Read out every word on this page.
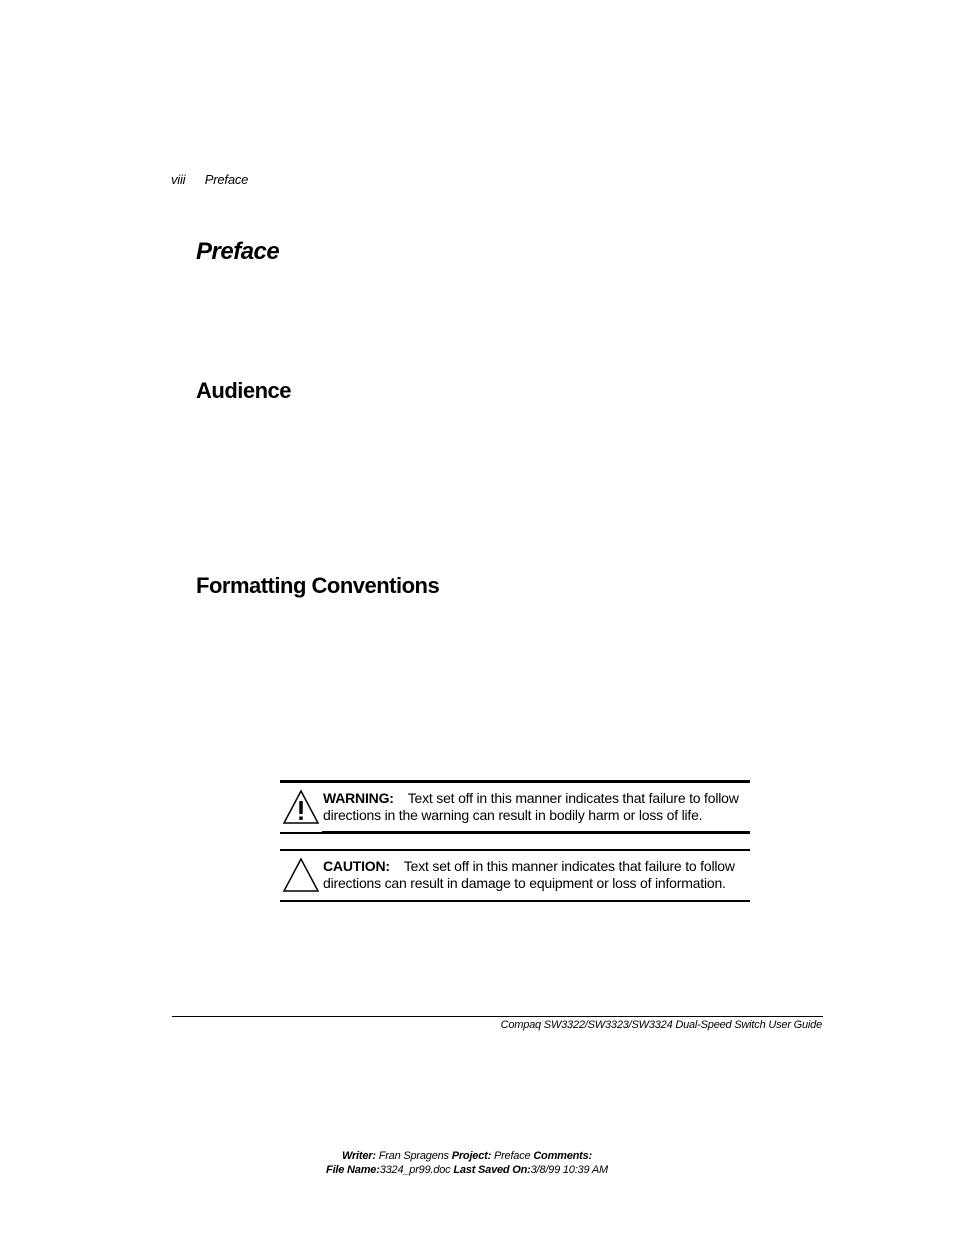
viii Preface
Preface
Audience
Formatting Conventions
WARNING: Text set off in this manner indicates that failure to follow directions in the warning can result in bodily harm or loss of life.
CAUTION: Text set off in this manner indicates that failure to follow directions can result in damage to equipment or loss of information.
Compaq SW3322/SW3323/SW3324 Dual-Speed Switch User Guide
Writer: Fran Spragens Project: Preface Comments:
File Name:3324_pr99.doc Last Saved On:3/8/99 10:39 AM
